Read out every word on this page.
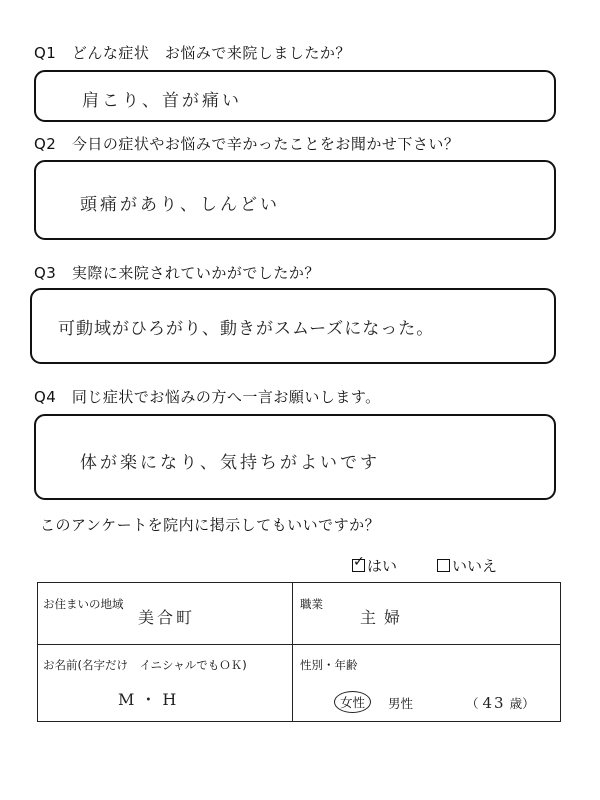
Q1　どんな症状　お悩みで来院しましたか？
肩こり、首が痛い
Q2　今日の症状やお悩みで辛かったことをお聞かせ下さい？
頭痛があり、しんどい
Q3　実際に来院されていかがでしたか？
可動域がひろがり、動きがスムーズになった。
Q4　同じ症状でお悩みの方へ一言お願いします。
体が楽になり、気持ちがよいです
このアンケートを院内に掲示してもいいですか？
✓はい	いいえ
お住まいの地域
美合町
職業
主婦
お名前(名字だけ　イニシャルでもＯＫ)
M・H
性別・年齢
女性	男性	（ 43 歳）
